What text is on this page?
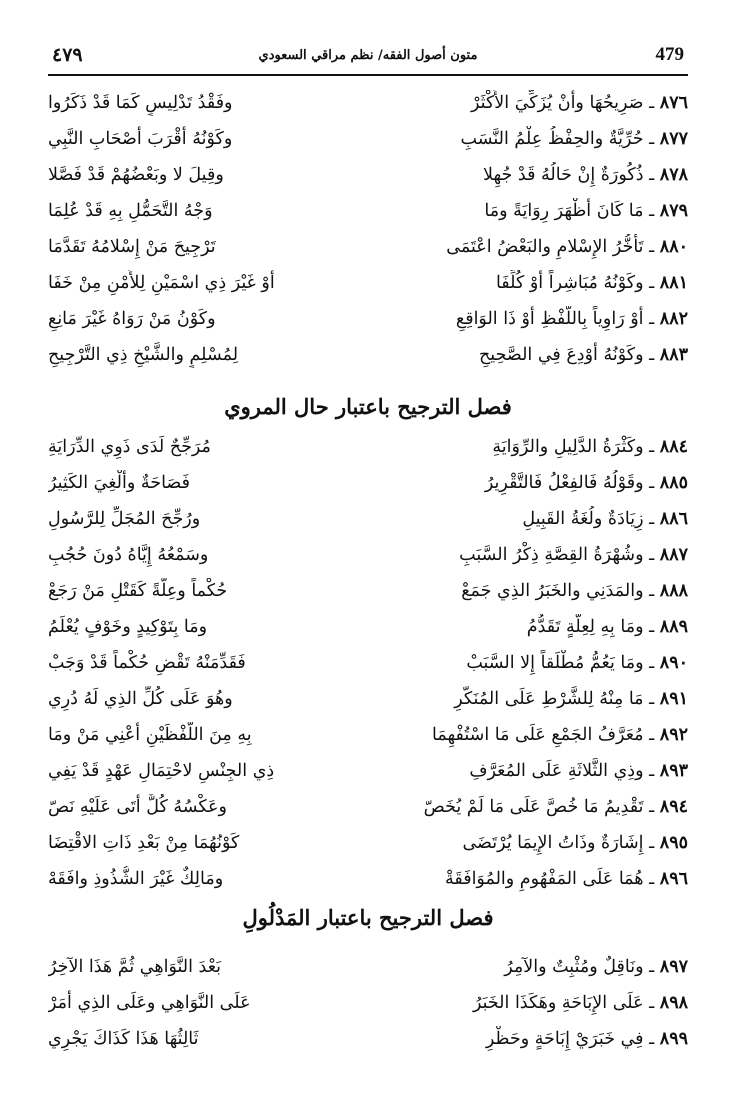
479
متون أصول الفقه/ نظم مراقي السعودي
٤٧٩
٨٧٦ ـ صَرِيحُهَا وأَنْ يُزَكِّيَ الأَكْثَرْ
وفَقْدُ تَدْلِيسٍ كَمَا قَدْ ذَكَرُوا
٨٧٧ ـ حُرِّيَّةٌ والحِفْظُ عِلْمُ النَّسَبِ
وكَوْنُهُ أَقْرَبَ أَصْحَابِ النَّبِي
٨٧٨ ـ ذُكُورَةٌ إِنْ حَالُهُ قَدْ جُهِلا
وقِيلَ لا وبَعْضُهُمْ قَدْ فَصَّلا
٨٧٩ ـ مَا كَانَ أَظْهَرَ رِوَايَةً ومَا
وَجْهُ التَّحَمُّلِ بِهِ قَدْ عُلِمَا
٨٨٠ ـ تَأَخُّرُ الإِسْلامِ والبَعْضُ اعْتَمَى
تَرْجِيحَ مَنْ إِسْلامُهُ تَقَدَّمَا
٨٨١ ـ وكَوْنُهُ مُبَاشِراً أَوْ كُلِّفَا
أَوْ غَيْرَ ذِي اسْمَيْنِ لِلأَمْنِ مِنْ خَفَا
٨٨٢ ـ أَوْ رَاوِياً بِاللَّفْظِ أَوْ ذَا الوَاقِعِ
وكَوْنُ مَنْ رَوَاهُ غَيْرَ مَانِعِ
٨٨٣ ـ وكَوْنُهُ أُوْدِعَ فِي الصَّحِيحِ
لِمُسْلِمٍ والشَّيْخِ ذِي التَّرْجِيحِ
فصل الترجيح باعتبار حال المروي
٨٨٤ ـ وكَثْرَةُ الدَّلِيلِ والرِّوَايَةِ
مُرَجِّحٌ لَدَى ذَوِي الدِّرَايَةِ
٨٨٥ ـ وقَوْلُهُ فَالفِعْلُ فَالتَّقْرِيرُ
فَصَاحَةٌ وأُلْغِيَ الكَثِيرُ
٨٨٦ ـ زِيَادَةٌ ولُغَةُ القَبِيلِ
ورُجِّحَ المُجَلِّ لِلرَّسُولِ
٨٨٧ ـ وشُهْرَةُ القِصَّةِ ذِكْرُ السَّبَبِ
وسَمْعُهُ إِيَّاهُ دُونَ حُجُبِ
٨٨٨ ـ والمَدَنِي والخَبَرُ الذِي جَمَعْ
حُكْماً وعِلَّةً كَقَتْلِ مَنْ رَجَعْ
٨٨٩ ـ ومَا بِهِ لِعِلَّةٍ تَقَدُّمُ
ومَا بِتَوْكِيدٍ وخَوْفٍ يُعْلَمُ
٨٩٠ ـ ومَا يَعُمُّ مُطْلَقاً إِلا السَّبَبْ
فَقَدِّمَنْهُ تَقْضِ حُكْماً قَدْ وَجَبْ
٨٩١ ـ مَا مِنْهُ لِلشَّرْطِ عَلَى المُنَكَّرِ
وهُوَ عَلَى كُلِّ الذِي لَهُ دُرِي
٨٩٢ ـ مُعَرَّفُ الجَمْعِ عَلَى مَا اسْتُفْهِمَا
بِهِ مِنَ اللَّفْظَيْنِ أَعْنِي مَنْ ومَا
٨٩٣ ـ وذِي الثَّلاثَةِ عَلَى المُعَرَّفِ
ذِي الجِنْسِ لاحْتِمَالِ عَهْدٍ قَدْ يَفِي
٨٩٤ ـ تَقْدِيمُ مَا خُصَّ عَلَى مَا لَمْ يُخَصّ
وعَكْسُهُ كُلٌّ أَتَى عَلَيْهِ نَصّ
٨٩٥ ـ إِشَارَةٌ وذَاتُ الإِيمَا يُرْتَضَى
كَوْنُهُمَا مِنْ بَعْدِ ذَاتِ الاقْتِضَا
٨٩٦ ـ هُمَا عَلَى المَفْهُومِ والمُوَافَقَةْ
ومَالِكٌ غَيْرَ الشُّذُوذِ وافَقَهْ
فصل الترجيح باعتبار المَدْلُولِ
٨٩٧ ـ ونَاقِلٌ ومُثْبِتٌ والآمِرُ
بَعْدَ النَّوَاهِي ثُمَّ هَذَا الآخِرُ
٨٩٨ ـ عَلَى الإِبَاحَةِ وهَكَذَا الخَبَرُ
عَلَى النَّوَاهِي وعَلَى الذِي أَمَرْ
٨٩٩ ـ فِي خَبَرَيْ إِبَاحَةٍ وحَظْرِ
ثَالِثُهَا هَذَا كَذَاكَ يَجْرِي
